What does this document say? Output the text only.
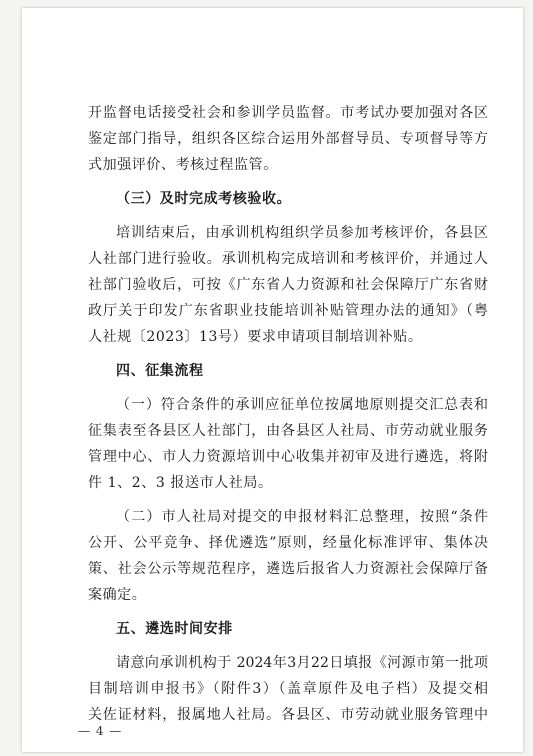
开监督电话接受社会和参训学员监督。市考试办要加强对各区
鉴定部门指导，组织各区综合运用外部督导员、专项督导等方
式加强评价、考核过程监管。
（三）及时完成考核验收。
培训结束后，由承训机构组织学员参加考核评价，各县区
人社部门进行验收。承训机构完成培训和考核评价，并通过人
社部门验收后，可按《广东省人力资源和社会保障厅广东省财
政厅关于印发广东省职业技能培训补贴管理办法的通知》（粤
人社规〔2023〕13号）要求申请项目制培训补贴。
四、征集流程
（一）符合条件的承训应征单位按属地原则提交汇总表和
征集表至各县区人社部门，由各县区人社局、市劳动就业服务
管理中心、市人力资源培训中心收集并初审及进行遴选，将附
件 1、2、3 报送市人社局。
（二）市人社局对提交的申报材料汇总整理，按照“条件
公开、公平竞争、择优遴选”原则，经量化标准评审、集体决
策、社会公示等规范程序，遴选后报省人力资源社会保障厅备
案确定。
五、遴选时间安排
请意向承训机构于 2024年3月22日填报《河源市第一批项
目制培训申报书》（附件3）（盖章原件及电子档）及提交相
关佐证材料，报属地人社局。各县区、市劳动就业服务管理中
— 4 —
